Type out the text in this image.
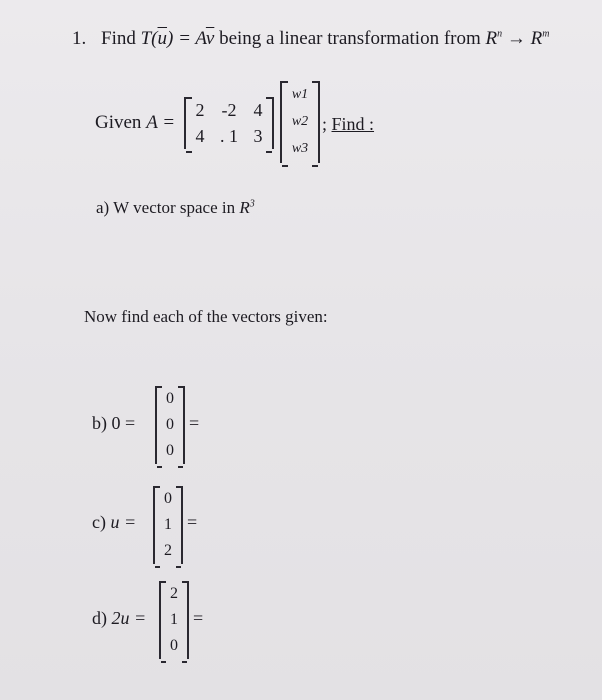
1. Find $T(\overline{u}) = A\overline{v}$ being a linear transformation from $R^n \to R^m$
Given A =
2 -2 4
4 . 1 3
w1
w2
w3
; Find :
a) W vector space in $R^3$
Now find each of the vectors given:
b) 0 =
0
0
0
=
c) u =
0
1
2
=
d) 2u =
2
1
0
=
